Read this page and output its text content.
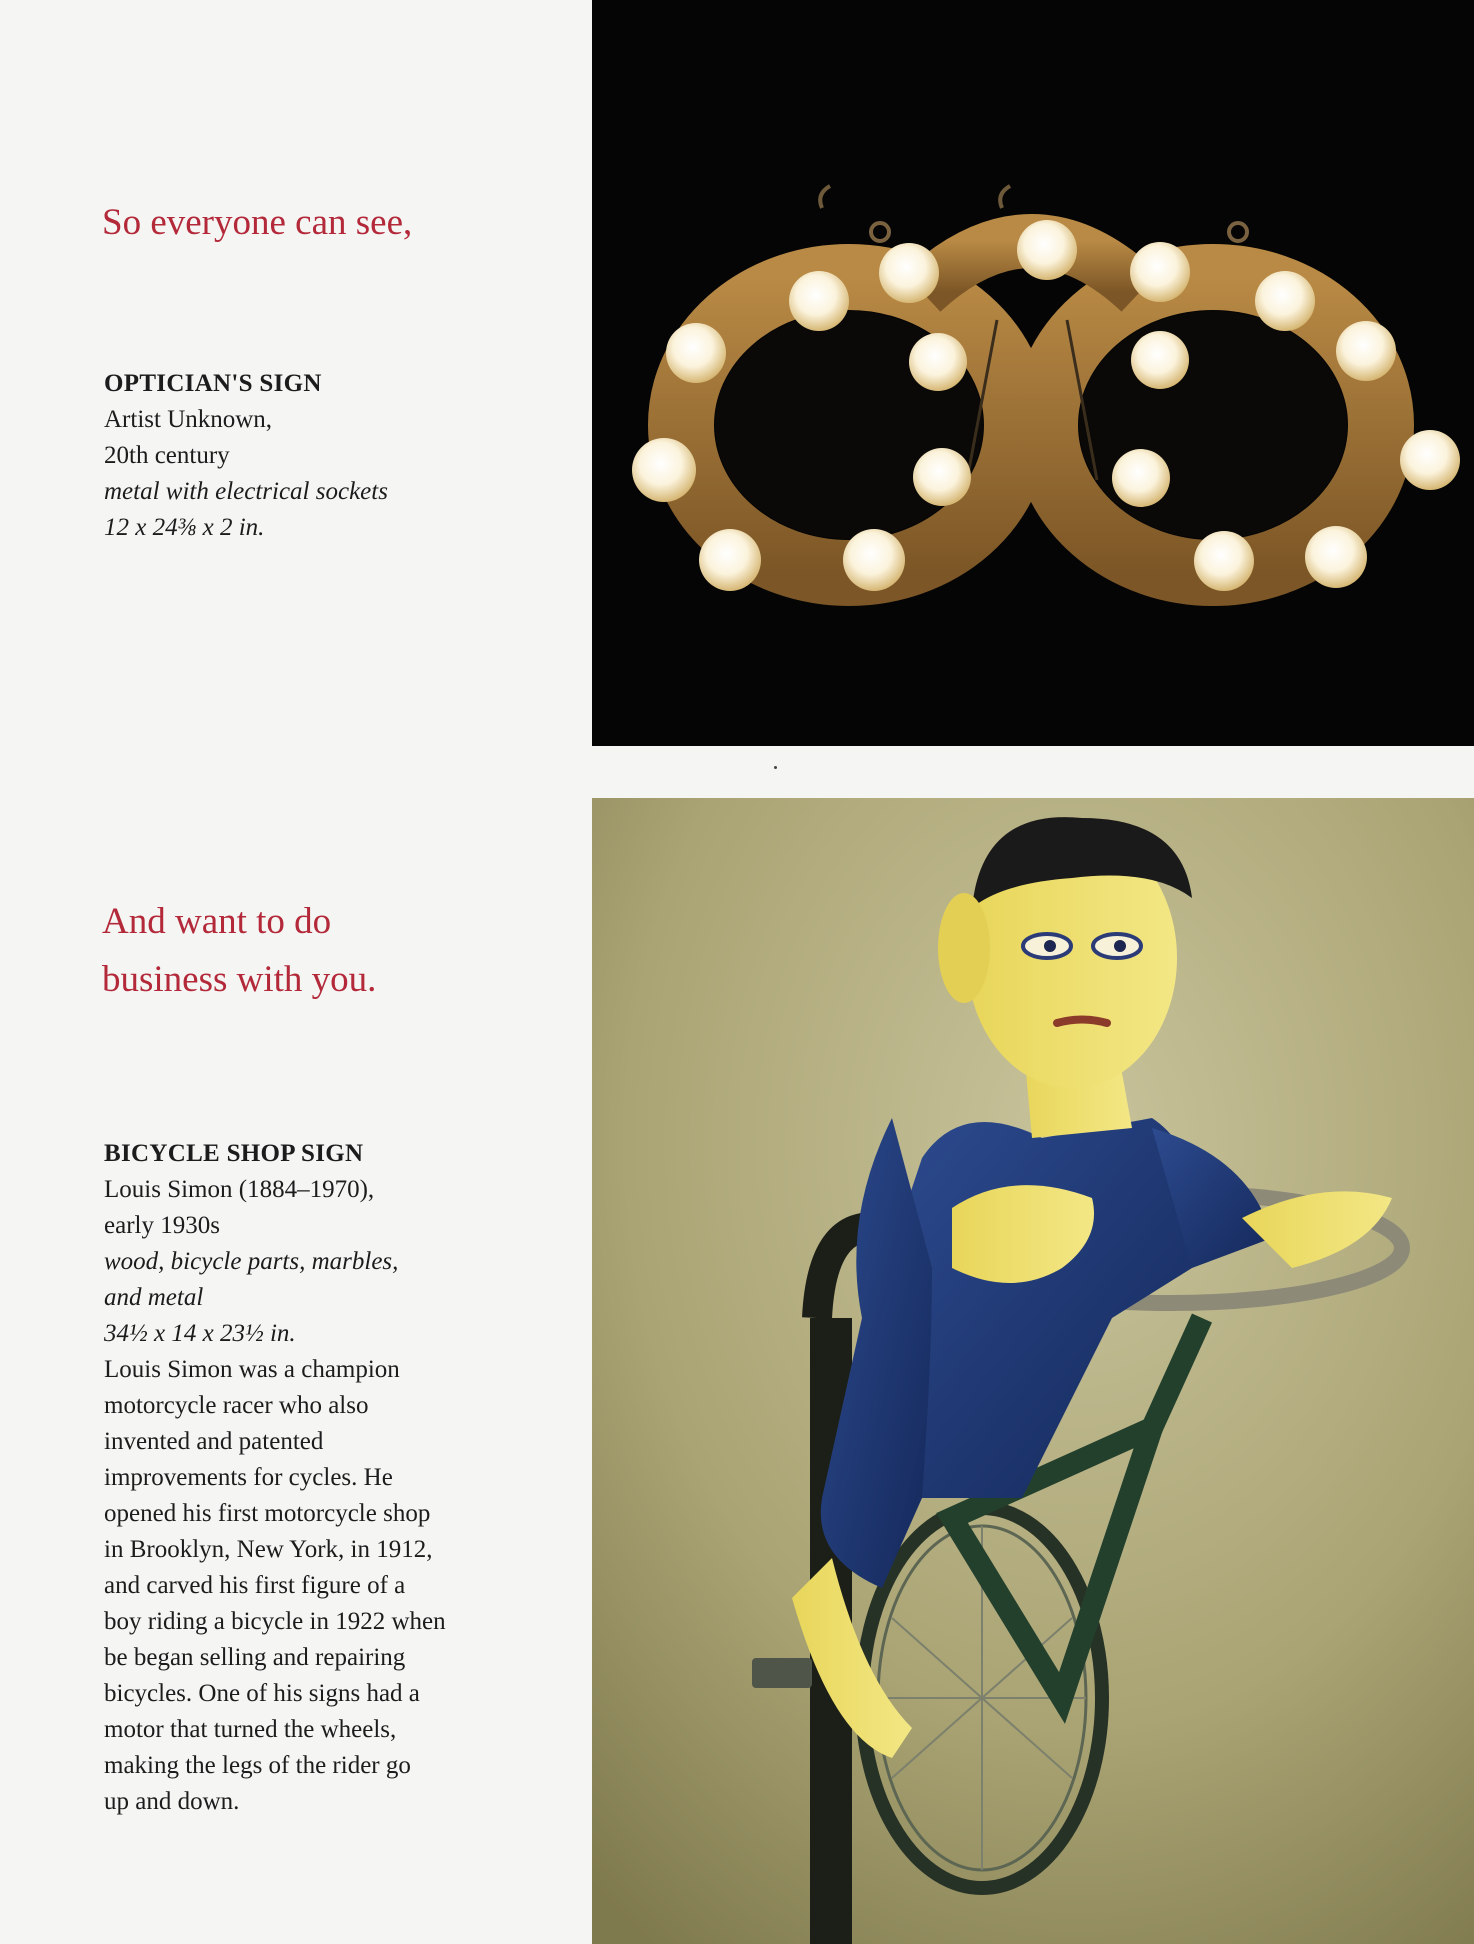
So everyone can see,
OPTICIAN'S SIGN
Artist Unknown,
20th century
metal with electrical sockets
12 x 24⅜ x 2 in.
And want to do
business with you.
BICYCLE SHOP SIGN
Louis Simon (1884–1970),
early 1930s
wood, bicycle parts, marbles,
and metal
34½ x 14 x 23½ in.
Louis Simon was a champion
motorcycle racer who also
invented and patented
improvements for cycles. He
opened his first motorcycle shop
in Brooklyn, New York, in 1912,
and carved his first figure of a
boy riding a bicycle in 1922 when
be began selling and repairing
bicycles. One of his signs had a
motor that turned the wheels,
making the legs of the rider go
up and down.
